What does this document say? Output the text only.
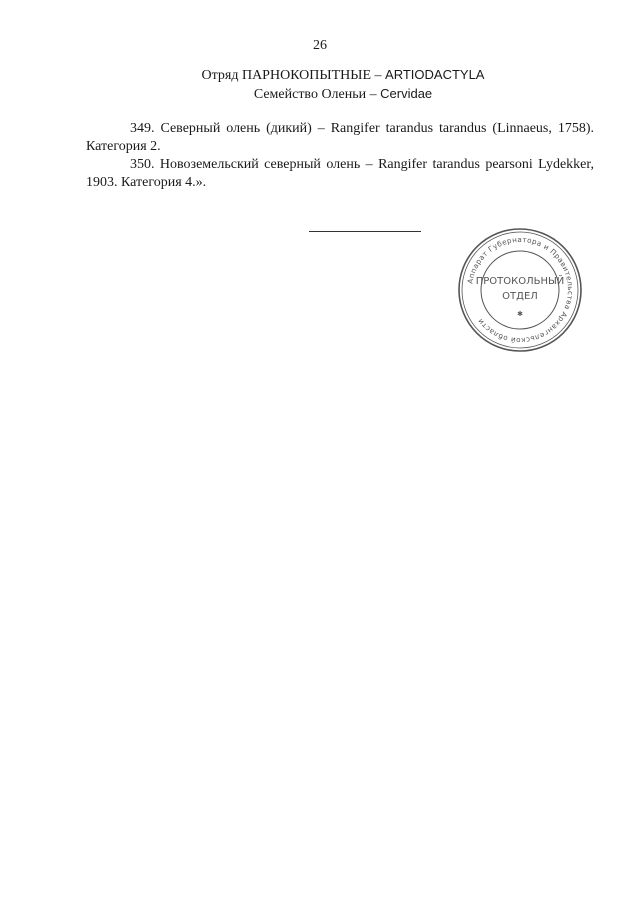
26
Отряд ПАРНОКОПЫТНЫЕ – ARTIODACTYLA
Семейство Оленьи – Cervidae
349. Северный олень (дикий) – Rangifer tarandus tarandus (Linnaeus, 1758). Категория 2.
350. Новоземельский северный олень – Rangifer tarandus pearsoni Lydekker, 1903. Категория 4.».
Аппарат Губернатора и Правительства Архангельской области
ПРОТОКОЛЬНЫЙ
ОТДЕЛ
✱
